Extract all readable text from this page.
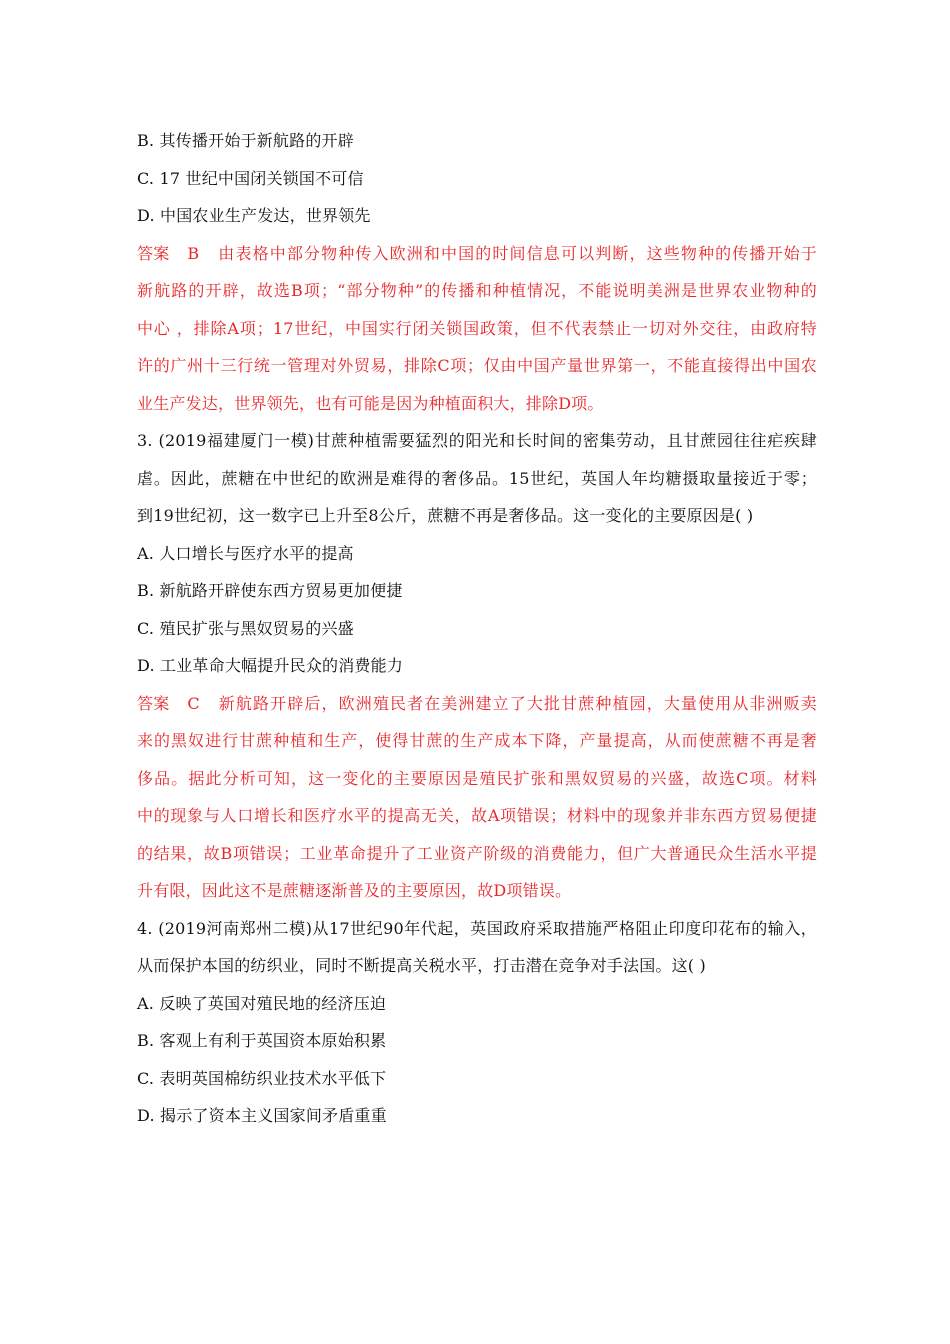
B. 其传播开始于新航路的开辟
C. 17 世纪中国闭关锁国不可信
D. 中国农业生产发达，世界领先
答案 B 由表格中部分物种传入欧洲和中国的时间信息可以判断，这些物种的传播开始于
新航路的开辟，故选B项；“部分物种”的传播和种植情况，不能说明美洲是世界农业物种的
中心 ，排除A项；17世纪，中国实行闭关锁国政策，但不代表禁止一切对外交往，由政府特
许的广州十三行统一管理对外贸易，排除C项；仅由中国产量世界第一，不能直接得出中国农
业生产发达，世界领先，也有可能是因为种植面积大，排除D项。
3. (2019福建厦门一模)甘蔗种植需要猛烈的阳光和长时间的密集劳动，且甘蔗园往往疟疾肆
虐。因此，蔗糖在中世纪的欧洲是难得的奢侈品。15世纪，英国人年均糖摄取量接近于零；
到19世纪初，这一数字已上升至8公斤，蔗糖不再是奢侈品。这一变化的主要原因是( )
A. 人口增长与医疗水平的提高
B. 新航路开辟使东西方贸易更加便捷
C. 殖民扩张与黑奴贸易的兴盛
D. 工业革命大幅提升民众的消费能力
答案 C 新航路开辟后，欧洲殖民者在美洲建立了大批甘蔗种植园，大量使用从非洲贩卖
来的黑奴进行甘蔗种植和生产，使得甘蔗的生产成本下降，产量提高，从而使蔗糖不再是奢
侈品。据此分析可知，这一变化的主要原因是殖民扩张和黑奴贸易的兴盛，故选C项。材料
中的现象与人口增长和医疗水平的提高无关，故A项错误；材料中的现象并非东西方贸易便捷
的结果，故B项错误；工业革命提升了工业资产阶级的消费能力，但广大普通民众生活水平提
升有限，因此这不是蔗糖逐渐普及的主要原因，故D项错误。
4. (2019河南郑州二模)从17世纪90年代起，英国政府采取措施严格阻止印度印花布的输入，
从而保护本国的纺织业，同时不断提高关税水平，打击潜在竞争对手法国。这( )
A. 反映了英国对殖民地的经济压迫
B. 客观上有利于英国资本原始积累
C. 表明英国棉纺织业技术水平低下
D. 揭示了资本主义国家间矛盾重重
